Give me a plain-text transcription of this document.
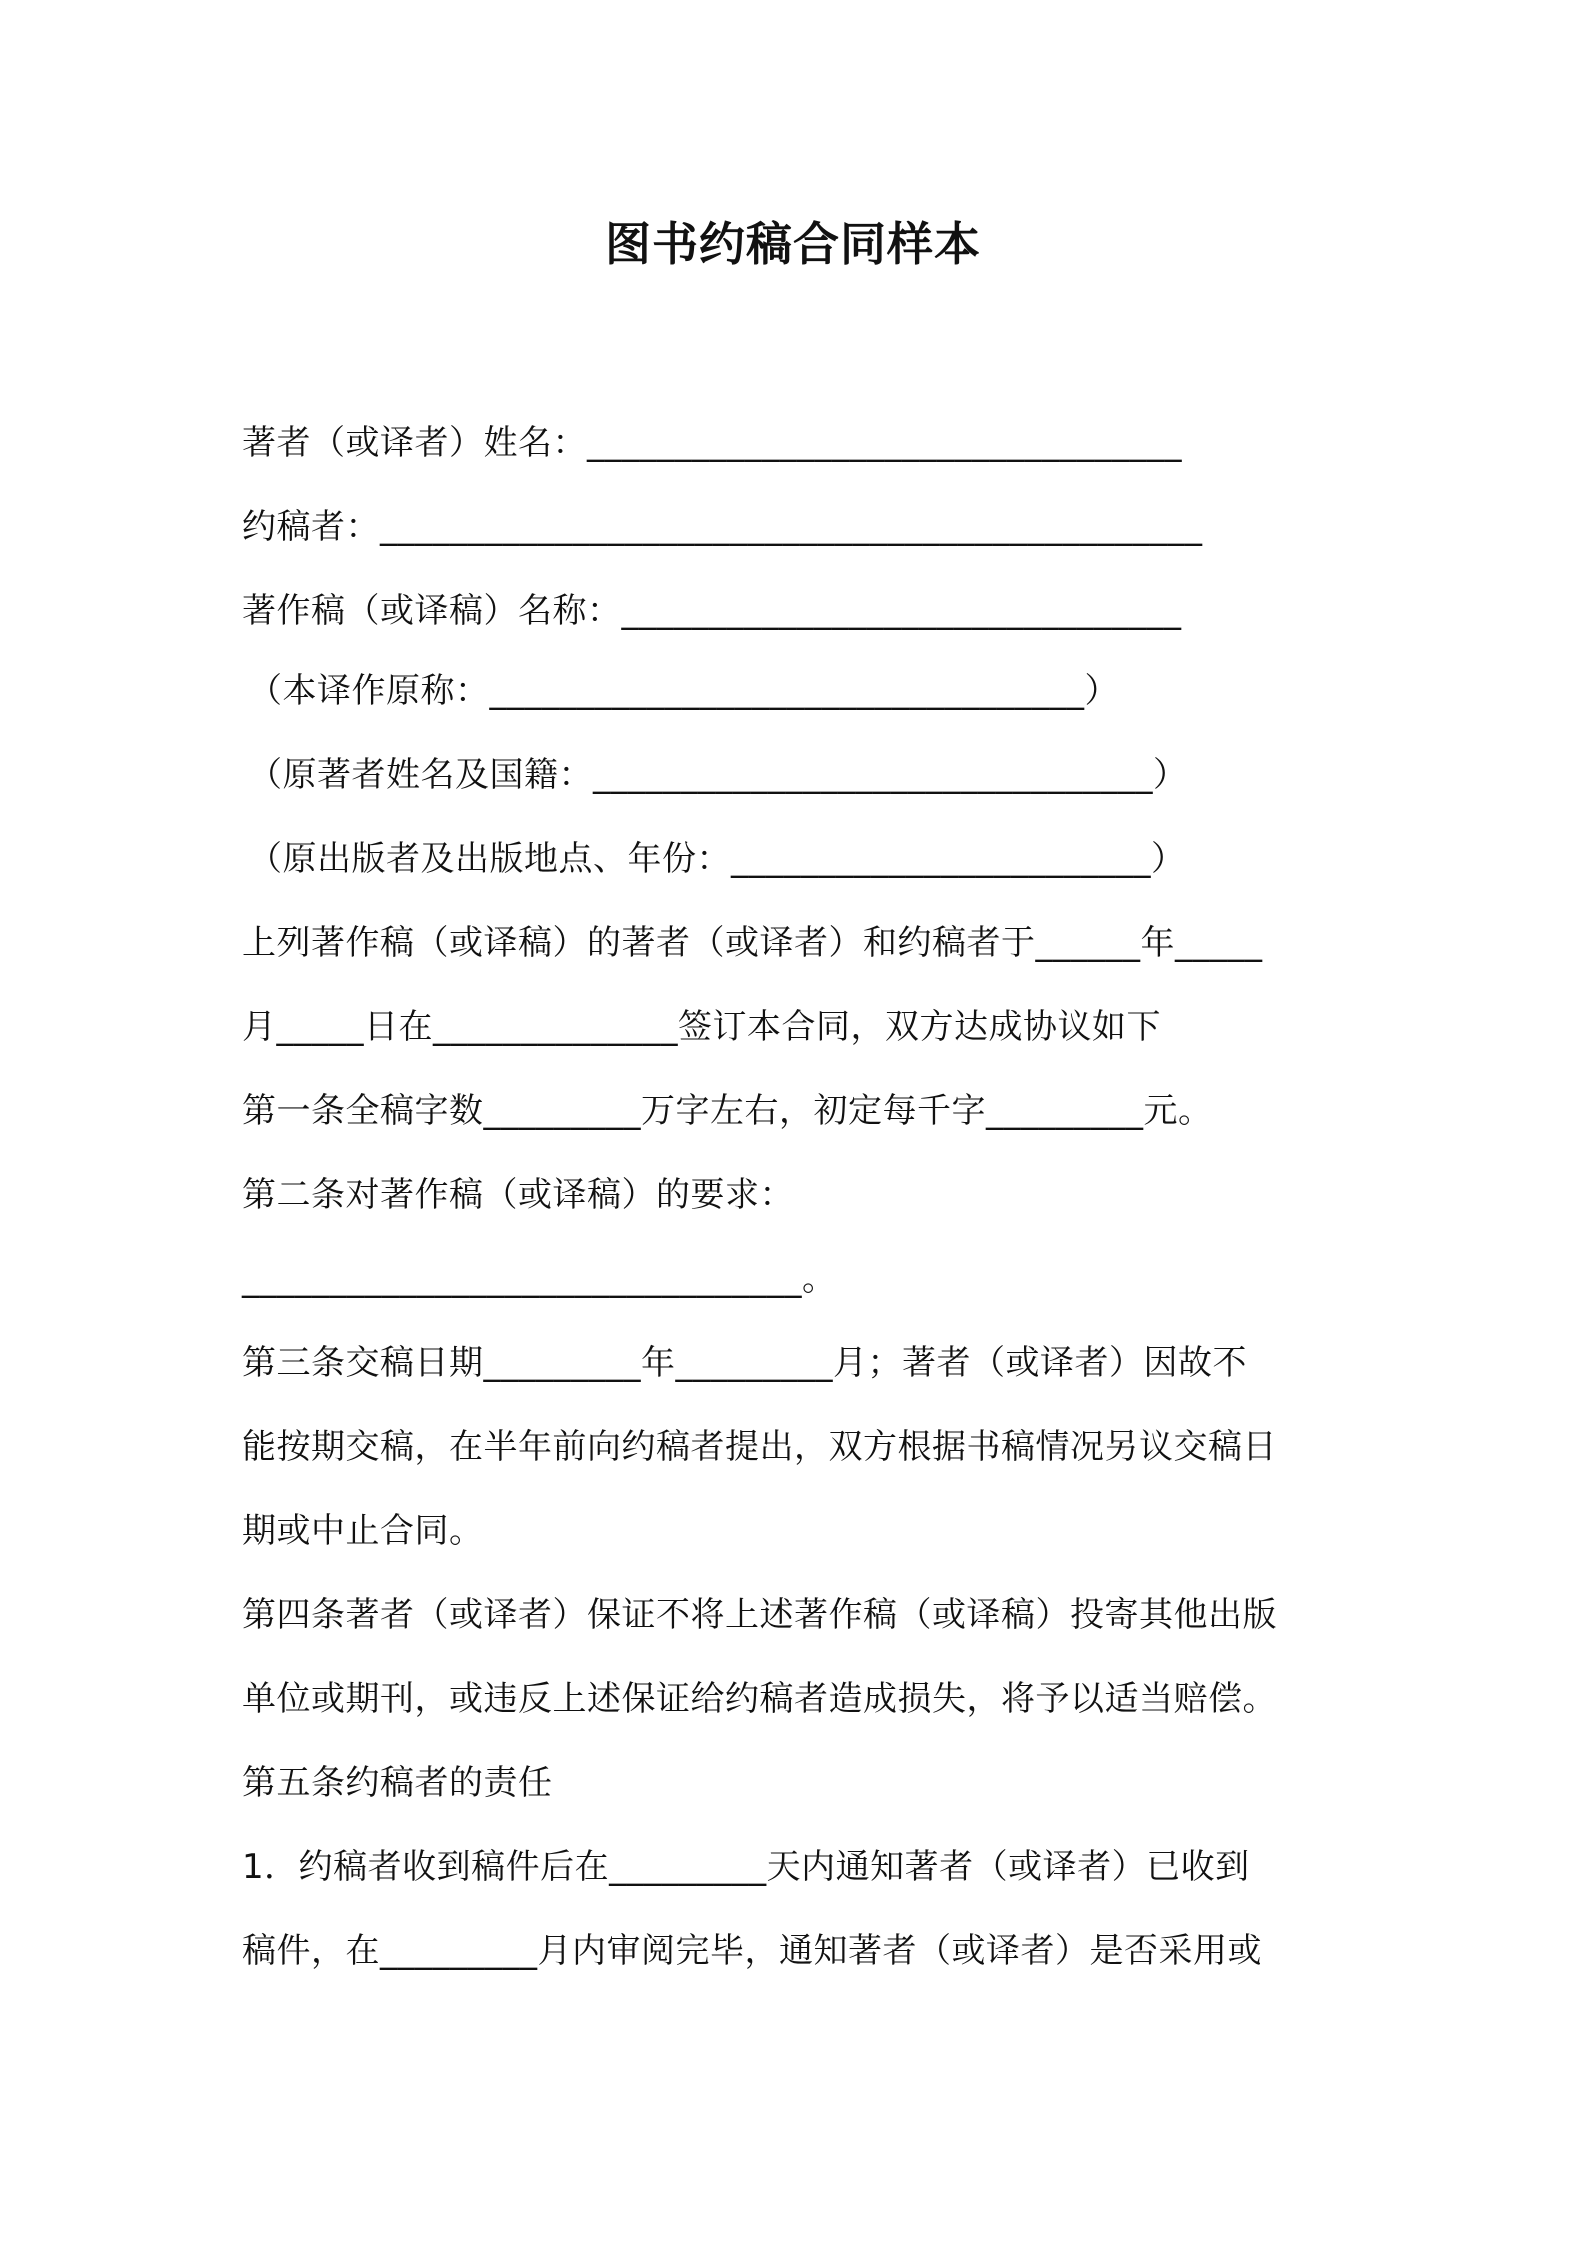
图书约稿合同样本
著者（或译者）姓名：__________________________________
约稿者：_______________________________________________
著作稿（或译稿）名称：________________________________
（本译作原称：__________________________________）
（原著者姓名及国籍：________________________________）
（原出版者及出版地点、年份：________________________）
上列著作稿（或译稿）的著者（或译者）和约稿者于______年_____
月_____日在______________签订本合同，双方达成协议如下
第一条全稿字数_________万字左右，初定每千字_________元。
第二条对著作稿（或译稿）的要求：
________________________________。
第三条交稿日期_________年_________月；著者（或译者）因故不
能按期交稿，在半年前向约稿者提出，双方根据书稿情况另议交稿日
期或中止合同。
第四条著者（或译者）保证不将上述著作稿（或译稿）投寄其他出版
单位或期刊，或违反上述保证给约稿者造成损失，将予以适当赔偿。
第五条约稿者的责任
1．约稿者收到稿件后在_________天内通知著者（或译者）已收到
稿件，在_________月内审阅完毕，通知著者（或译者）是否采用或
